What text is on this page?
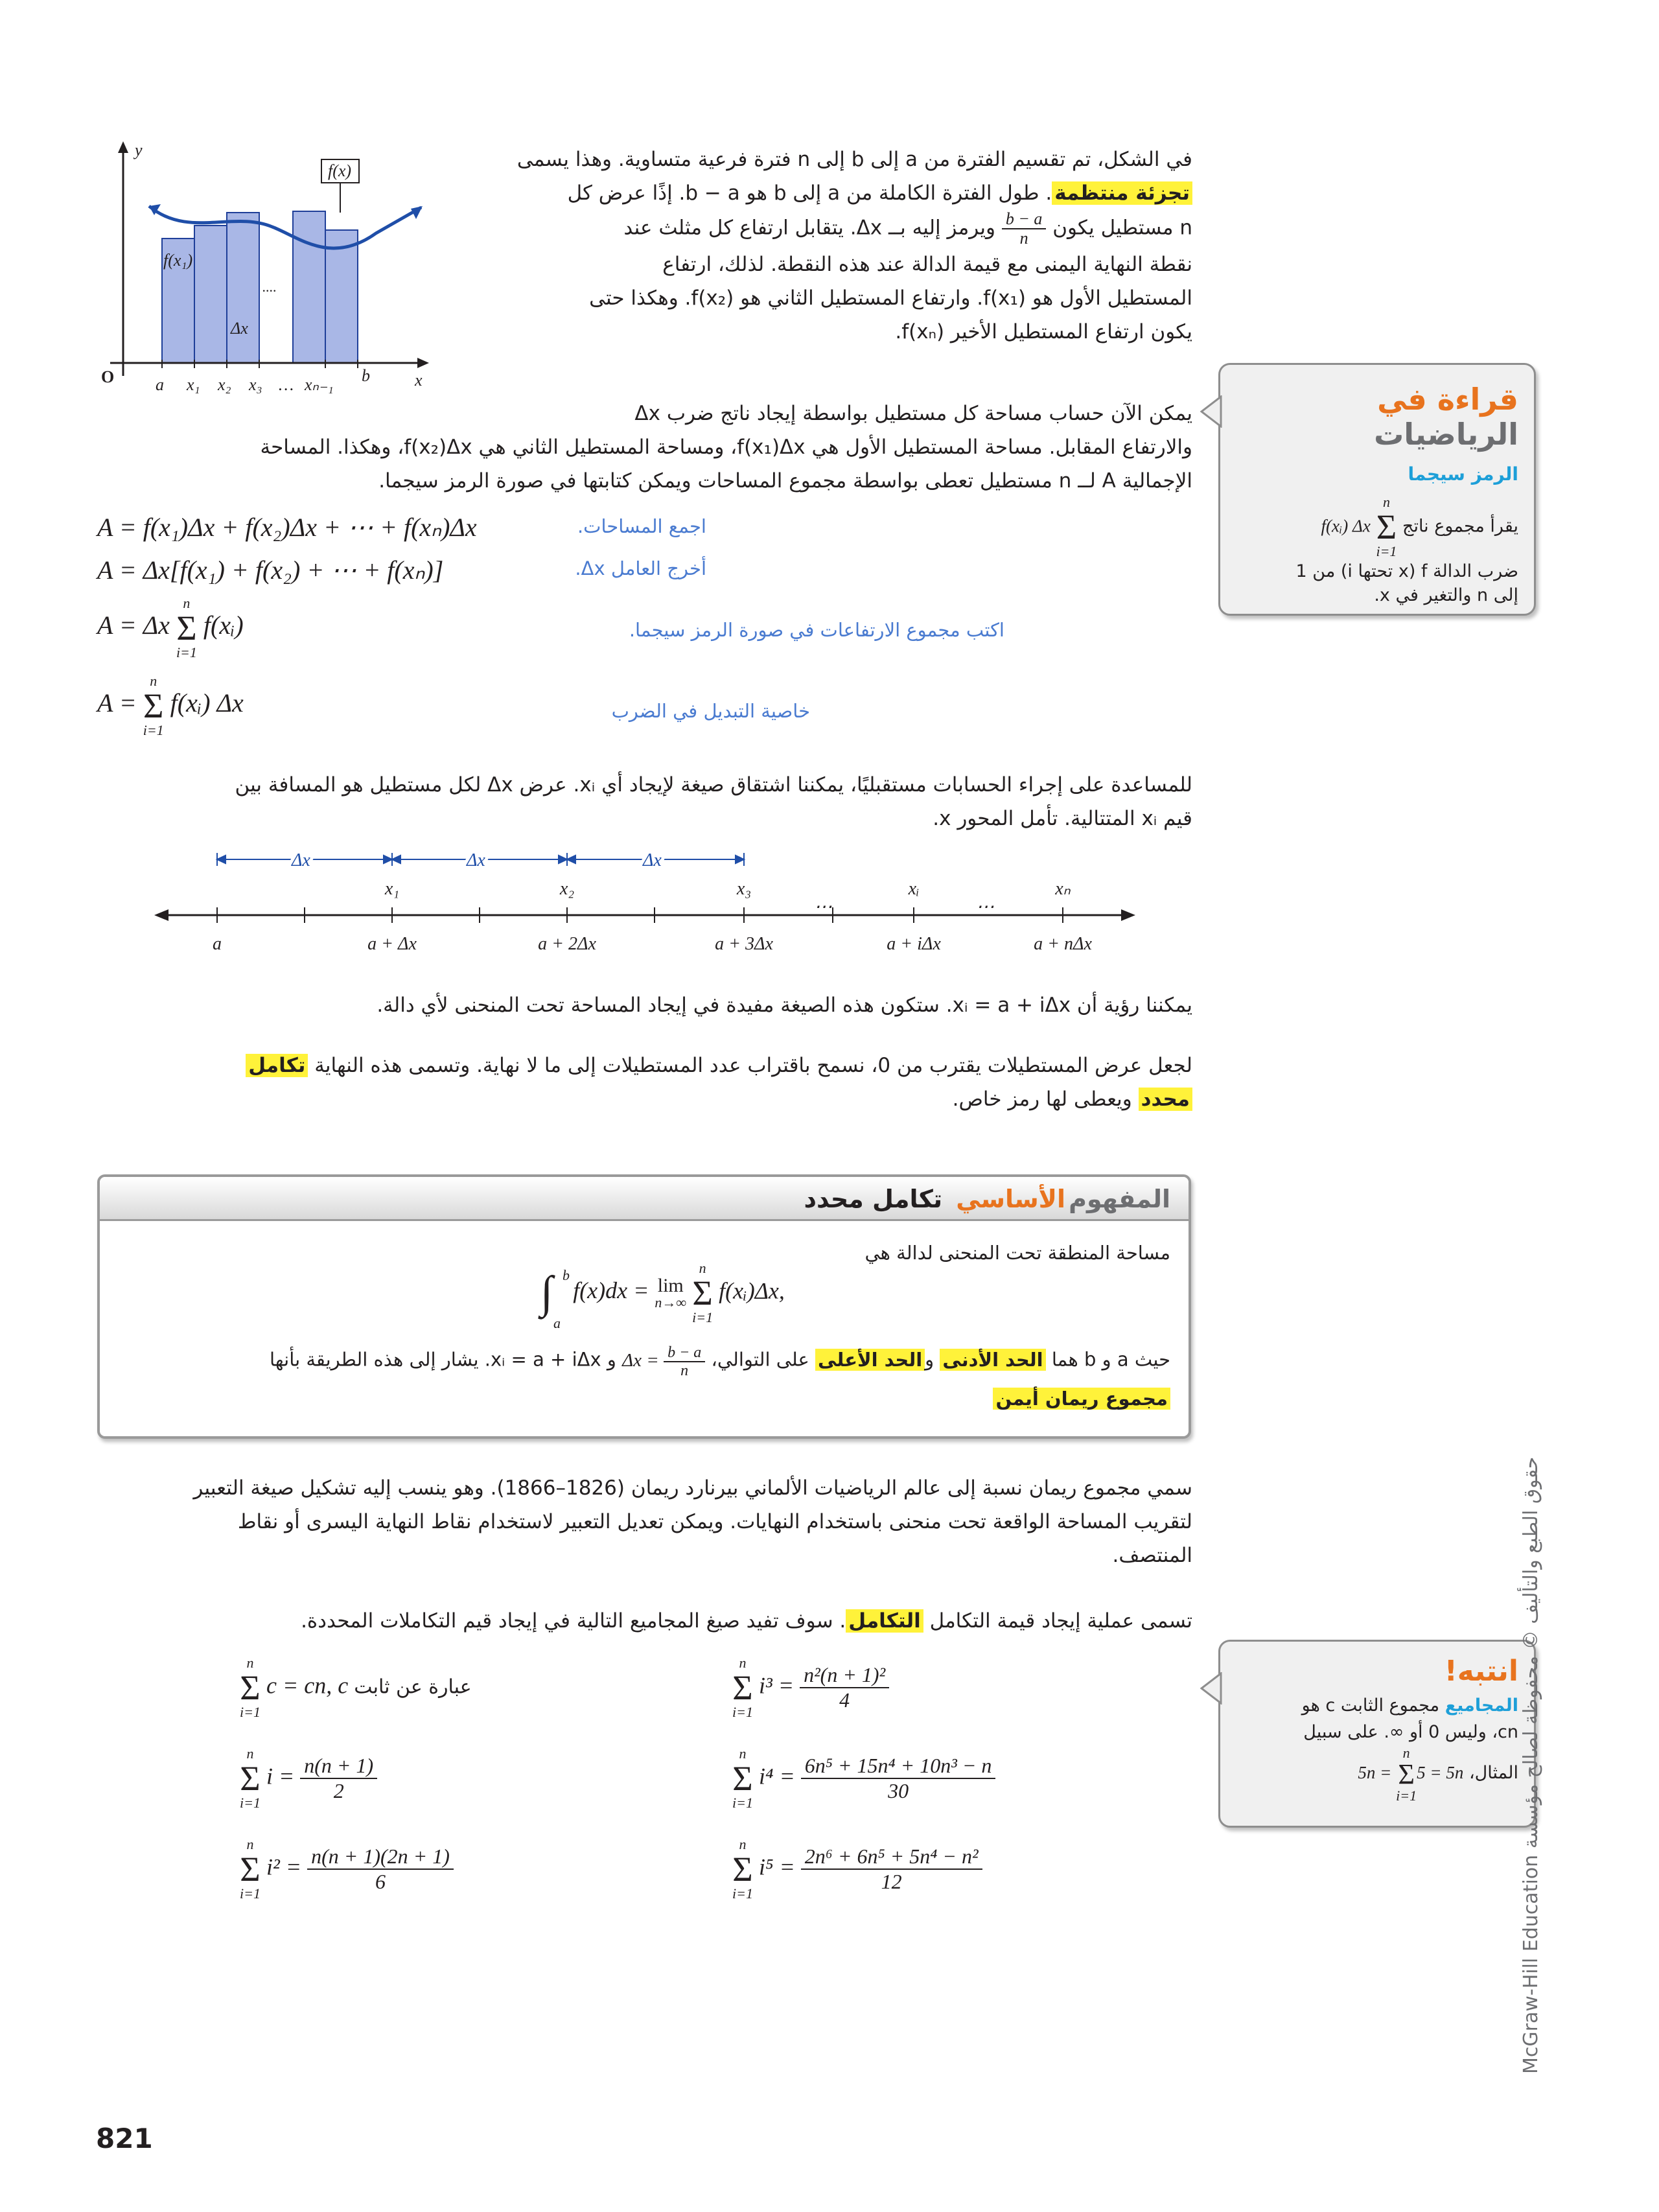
f(x)
f(x₁)
Δx
....
O
y
x
a x₁ x₂ x₃ … xₙ₋₁ b
في الشكل، تم تقسيم الفترة من a إلى b إلى n فترة فرعية متساوية. وهذا يسمى
تجزئة منتظمة. طول الفترة الكاملة من a إلى b هو b − a. إذًا عرض كل
n مستطيل يكون
$\frac{b - a}{n}$
ويرمز إليه بــ Δx. يتقابل ارتفاع كل مثلث عند
نقطة النهاية اليمنى مع قيمة الدالة عند هذه النقطة. لذلك، ارتفاع
المستطيل الأول هو f(x₁). وارتفاع المستطيل الثاني هو f(x₂). وهكذا حتى
يكون ارتفاع المستطيل الأخير f(xₙ).
قراءة في الرياضيات
الرمز سيجما
يقرأ مجموع ناتج
n
Σ
i=1
f(xᵢ) Δx
ضرب الدالة f (x تحتها i) من 1
إلى n والتغير في x.
يمكن الآن حساب مساحة كل مستطيل بواسطة إيجاد ناتج ضرب Δx
والارتفاع المقابل. مساحة المستطيل الأول هي f(x₁)Δx، ومساحة المستطيل الثاني هي f(x₂)Δx، وهكذا. المساحة
الإجمالية A لــ n مستطيل تعطى بواسطة مجموع المساحات ويمكن كتابتها في صورة الرمز سيجما.
A = f(x₁)Δx + f(x₂)Δx + ⋯ + f(xₙ)Δx	اجمع المساحات.
A = Δx[f(x₁) + f(x₂) + ⋯ + f(xₙ)]	أخرج العامل Δx.
A = Δx
n
Σ
i=1
f(xᵢ)	اكتب مجموع الارتفاعات في صورة الرمز سيجما.
A =
n
Σ
i=1
f(xᵢ) Δx	خاصية التبديل في الضرب
للمساعدة على إجراء الحسابات مستقبليًا، يمكننا اشتقاق صيغة لإيجاد أي xᵢ. عرض Δx لكل مستطيل هو المسافة بين
قيم xᵢ المتتالية. تأمل المحور x.
Δx	Δx	Δx
x₁	x₂	x₃	xᵢ	xₙ
⋯	⋯
a	a + Δx	a + 2Δx	a + 3Δx	a + iΔx	a + nΔx
يمكننا رؤية أن xᵢ = a + iΔx. ستكون هذه الصيغة مفيدة في إيجاد المساحة تحت المنحنى لأي دالة.
لجعل عرض المستطيلات يقترب من 0، نسمح باقتراب عدد المستطيلات إلى ما لا نهاية. وتسمى هذه النهاية تكامل
محدد ويعطى لها رمز خاص.
المفهوم الأساسي تكامل محدد
مساحة المنطقة تحت المنحنى لدالة هي
∫ b
a
f(x)dx = lim
n→∞

n
Σ
i=1
f(xᵢ)Δx,
حيث a و b هما الحد الأدنى والحد الأعلى على التوالي، $\Delta x = \frac{b - a}{n}$
و xᵢ = a + iΔx. يشار إلى هذه الطريقة بأنها
مجموع ريمان أيمن
سمي مجموع ريمان نسبة إلى عالم الرياضيات الألماني بيرنارد ريمان (1826–1866). وهو ينسب إليه تشكيل صيغة التعبير
لتقريب المساحة الواقعة تحت منحنى باستخدام النهايات. ويمكن تعديل التعبير لاستخدام نقاط النهاية اليسرى أو نقاط
المنتصف.
تسمى عملية إيجاد قيمة التكامل التكامل. سوف تفيد صيغ المجاميع التالية في إيجاد قيم التكاملات المحددة.
n
Σ
i=1
c = cn, c عبارة عن ثابت
n
Σ
i=1
$i = \frac{n(n + 1)}{2}$
n
Σ
i=1
$i^2 = \frac{n(n + 1)(2n + 1)}{6}$
n
Σ
i=1
$i^3 = \frac{\text{n²(n + 1)²}}{4}$
n
Σ
i=1
$i^4 = \frac{\text{6n⁵ + 15n⁴ + 10n³ − n}}{30}$
n
Σ
i=1
$i^5 = \frac{\text{2n⁶ + 6n⁵ + 5n⁴ − n²}}{12}$
انتبه!
المجاميع مجموع الثابت c هو
cn، وليس 0 أو ∞. على سبيل
المثال، 5n =
n
Σ
i=1
5 = 5n
حقوق الطبع والتأليف © محفوظة لصالح مؤسسة McGraw-Hill Education
821
